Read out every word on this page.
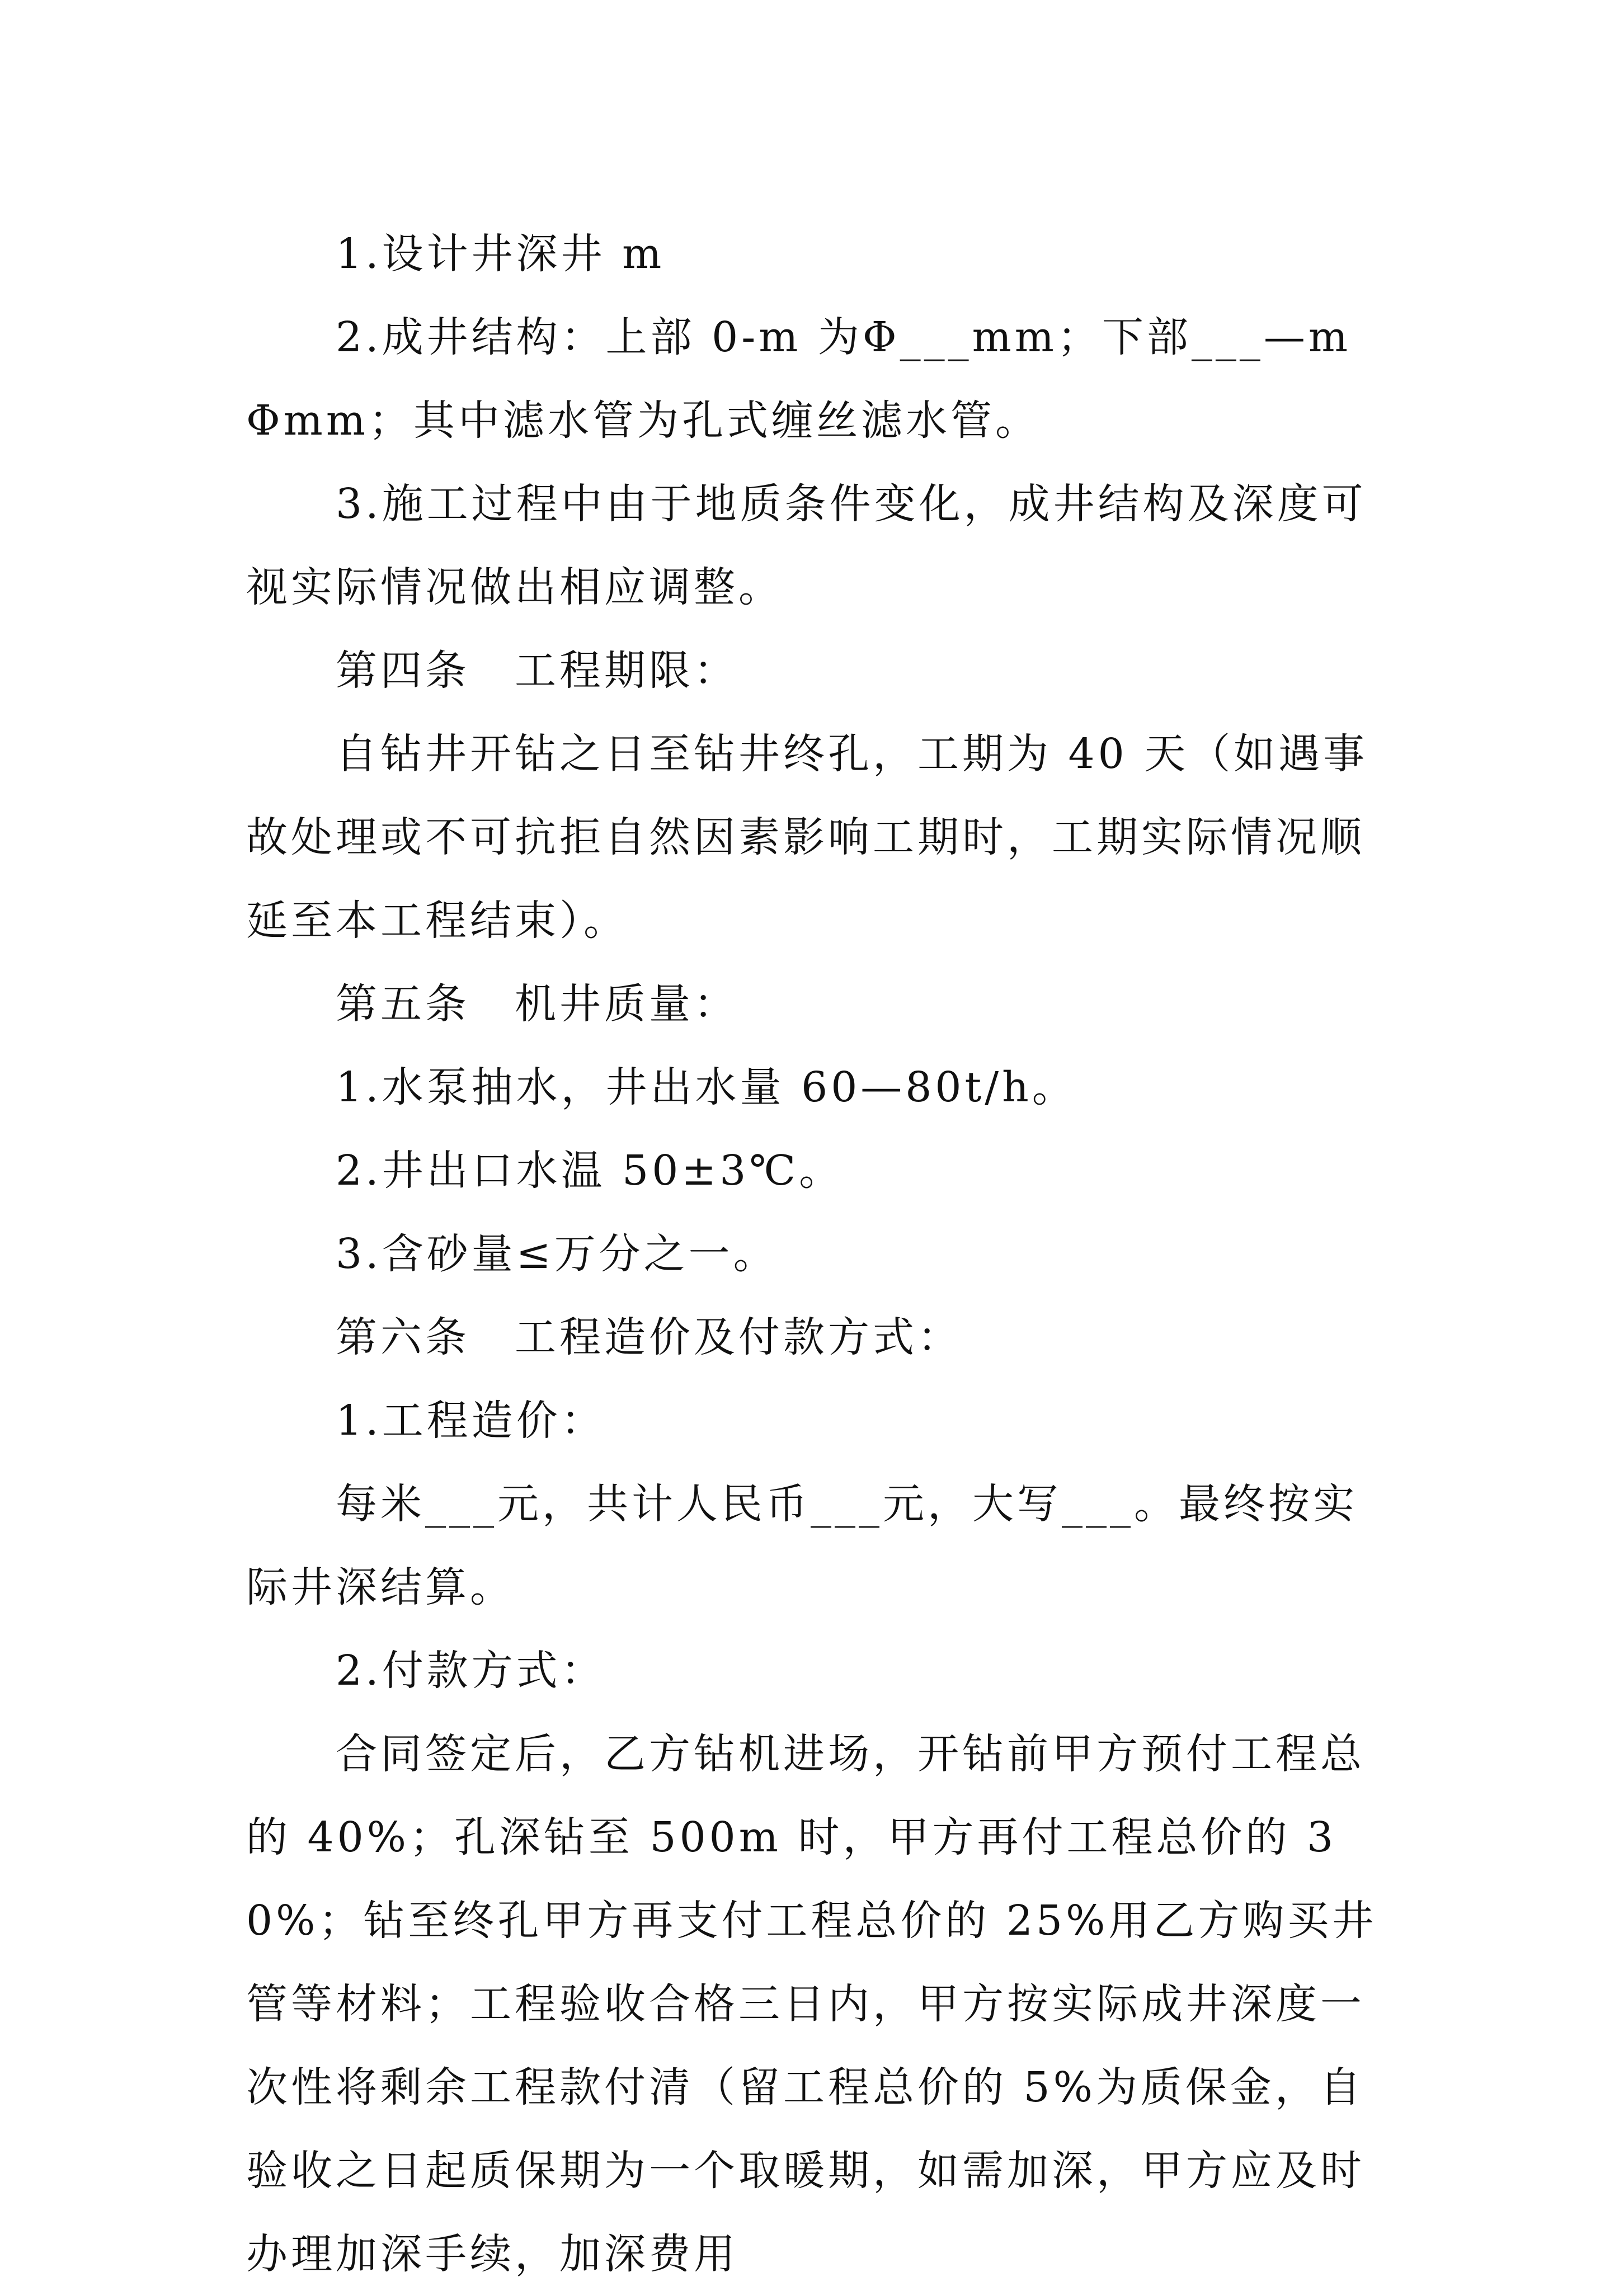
1.设计井深井 m

2.成井结构：上部 0-m 为Φ___mm；下部___—mΦmm；其中滤水管为孔式缠丝滤水管。

3.施工过程中由于地质条件变化，成井结构及深度可视实际情况做出相应调整。

第四条　工程期限：

自钻井开钻之日至钻井终孔，工期为 40 天（如遇事故处理或不可抗拒自然因素影响工期时，工期实际情况顺延至本工程结束）。

第五条　机井质量：

1.水泵抽水，井出水量 60—80t/h。

2.井出口水温 50±3℃。

3.含砂量≤万分之一。

第六条　工程造价及付款方式：

1.工程造价：

每米___元，共计人民币___元，大写___。最终按实际井深结算。

2.付款方式：

合同签定后，乙方钻机进场，开钻前甲方预付工程总的 40%；孔深钻至 500m 时，甲方再付工程总价的 30%；钻至终孔甲方再支付工程总价的 25%用乙方购买井管等材料；工程验收合格三日内，甲方按实际成井深度一次性将剩余工程款付清（留工程总价的 5%为质保金，自验收之日起质保期为一个取暖期，如需加深，甲方应及时办理加深手续，加深费用
